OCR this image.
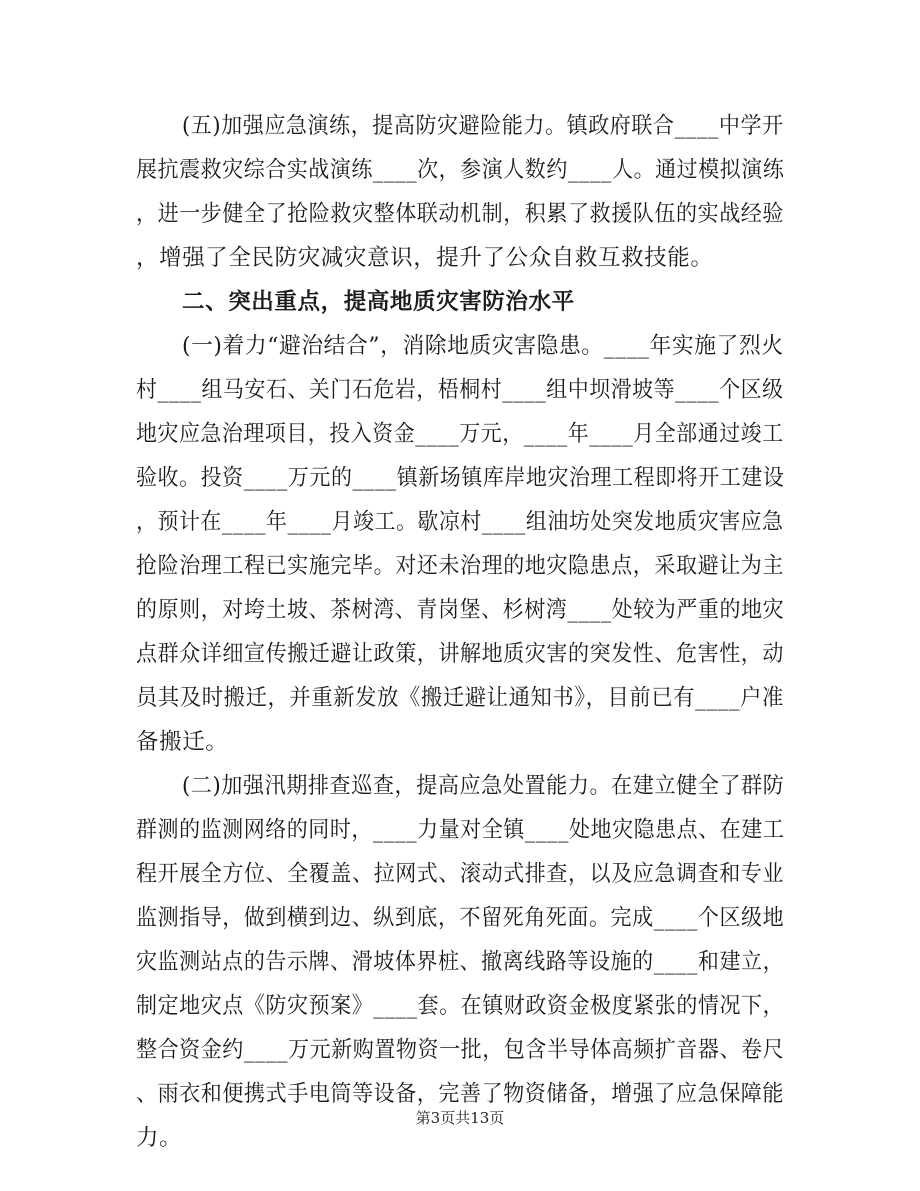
(五)加强应急演练，提高防灾避险能力。镇政府联合____中学开
展抗震救灾综合实战演练____次，参演人数约____人。通过模拟演练
，进一步健全了抢险救灾整体联动机制，积累了救援队伍的实战经验
，增强了全民防灾减灾意识，提升了公众自救互救技能。
二、突出重点，提高地质灾害防治水平
(一)着力“避治结合”，消除地质灾害隐患。____年实施了烈火
村____组马安石、关门石危岩，梧桐村____组中坝滑坡等____个区级
地灾应急治理项目，投入资金____万元，____年____月全部通过竣工
验收。投资____万元的____镇新场镇库岸地灾治理工程即将开工建设
，预计在____年____月竣工。歇凉村____组油坊处突发地质灾害应急
抢险治理工程已实施完毕。对还未治理的地灾隐患点，采取避让为主
的原则，对垮土坡、茶树湾、青岗堡、杉树湾____处较为严重的地灾
点群众详细宣传搬迁避让政策，讲解地质灾害的突发性、危害性，动
员其及时搬迁，并重新发放《搬迁避让通知书》，目前已有____户准
备搬迁。
(二)加强汛期排查巡查，提高应急处置能力。在建立健全了群防
群测的监测网络的同时，____力量对全镇____处地灾隐患点、在建工
程开展全方位、全覆盖、拉网式、滚动式排查，以及应急调查和专业
监测指导，做到横到边、纵到底，不留死角死面。完成____个区级地
灾监测站点的告示牌、滑坡体界桩、撤离线路等设施的____和建立，
制定地灾点《防灾预案》____套。在镇财政资金极度紧张的情况下，
整合资金约____万元新购置物资一批，包含半导体高频扩音器、卷尺
、雨衣和便携式手电筒等设备，完善了物资储备，增强了应急保障能
力。
第3页共13页
